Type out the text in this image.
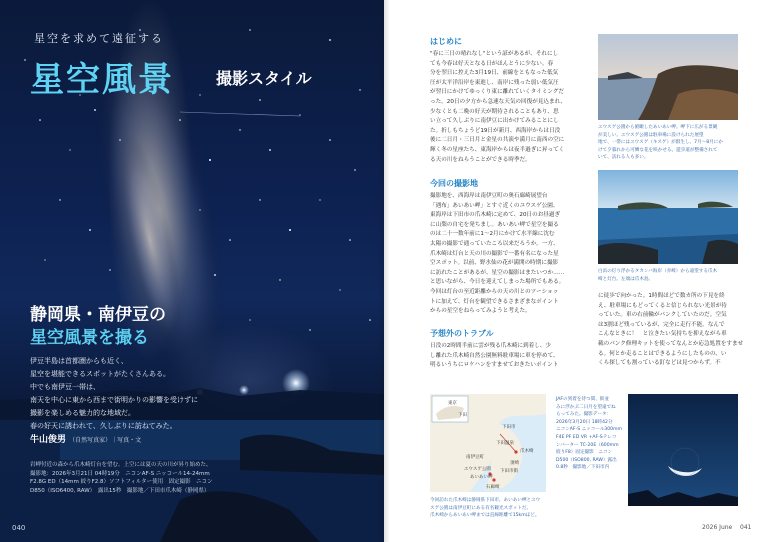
星空を求めて遠征する
星空風景	撮影スタイル
静岡県・南伊豆の
星空風景を撮る
伊豆半島は首都圏からも近く、
星空を堪能できるスポットがたくさんある。
中でも南伊豆一帯は、
南天を中心に東から西まで街明かりの影響を受けずに
撮影を楽しめる魅力的な地域だ。
春の好天に誘われて、久しぶりに訪ねてみた。
牛山俊男 （自然写真家）｜写真・文
岩岬付近の森から爪木崎灯台を望む。上空には夏の天の川が昇り始めた。
撮影地：2026年3月21日 04時19分　ニコンAF-S ニッコール14-24mm
F2.8G ED（14mm 絞りF2.8）ソフトフィルター使用　固定撮影　ニコン
D850（ISO6400, RAW）　露出15秒　撮影地／下田市爪木崎（静岡県）
040
はじめに
"春に三日の晴れなし"という諺があるが、それにし
ても今春は好天となる日がほんとうに少ない。春
分を翌日に控えた3月19日、前線をともなった低気
圧が太平洋沿岸を東進し、南岸に残った弱い低気圧
が翌日にかけてゆっくり東に離れていくタイミングだ
った。20日の夕方から急速な天気の回復が見込まれ、
少なくとも二晩の好天が期待されることもあり、思
い立って久しぶりに南伊豆に出かけてみることにし
た。折しもちょうど19日が新月、西海岸からは日没
後に二日月・三日月と金星の共演や満月に南西の空に
輝く冬の星座たち、東海岸からは夜半過ぎに昇ってく
る天の川をねらうことができる時季だ。
今回の撮影地
撮影地を、西海岸は南伊豆町の奥石廊崎展望台
「遇布」あいあい岬」とすぐ近くのユウスゲ公園、
東海岸は下田市の爪木崎に定めて、20日のお昼過ぎ
に山梨の自宅を発ちまし。あいあい岬で星空を撮る
のは二十一数年前に1～2月にかけて水平線に沈む
太陽の撮影で通っていたころ以来だろうか。一方、
爪木崎は灯台と天の川の撮影で一番有名になった星
空スポット。以前、野水仙の花が満開の時期に撮影
に訪れたことがあるが、星空の撮影はまたいつか……
と思いながら、今日を迎えてしまった場所でもある。
今回は灯台の至近距離からの天の川とのツーショッ
トに加えて、灯台を観望できるさまざまなポイント
からの星空をねらってみようと考えた。
予想外のトラブル
日没の2時間半前に雲が残る爪木崎に到着し、少
し離れた爪木崎自然公園無料駐車場に車を停めて、
明るいうちにロケハンをすませておきたいポイント
に徒歩で向かった。1時間ほどで数カ所の下見を終
え、駐車場にもどってくると信じられない光景が待
っていた。車の右前輪がパンクしていたのだ。空気
は3割ほど残っているが、完全に走行不能。なんで
こんなときに！　と泣きたい気持ちを抑えながら車
載のパンク修理キットを使ってなんとか応急処置をすませ
る。何とか走ることはできるようにしたものの、い
くら探しても割っている釘などは見つからず。不
ユウスゲ公園から俯瞰したあいあい岬。岬下に広がる景観
が美しい。ユウスゲ公園は駐車場に設けられた展望
地で、一帯にはユウスゲ（キスゲ）が群生し、7月～8月にか
けて夕暮れから可憐な花を咲かせる。遊歩道が整備されて
いて、訪れる人も多い。
白浜の灯り浮かるタカンバ海岸（赤崎）から遠望する爪木
崎と灯台。左端は爪木島。
東京
下田
下田市
爪木崎
南伊豆町
石廊崎
あいあい岬
ユウスゲ公園
下田温泉
須崎
下田市街
今回訪れた爪木崎は静岡県下田市、あいあい岬とユウ
スゲ公園は南伊豆町にある有名観光スポットだ。
爪木崎からあいあい岬までは直線距離で15kmほど。
JAFの到着を待つ間、街並
みに浮かぶ二日月を望遠でね
らってみた。撮影データ：
2026年3月20日 18時42分
ニコンAF-S ニッコール300mm
F4E PF ED VR +AF-Sテレコ
ンバーター TC-20E（600mm
絞りF8）固定撮影　ニコン
D500（ISO800, RAW）露出
0.8秒　撮影地／下田市内
2026 June 041
